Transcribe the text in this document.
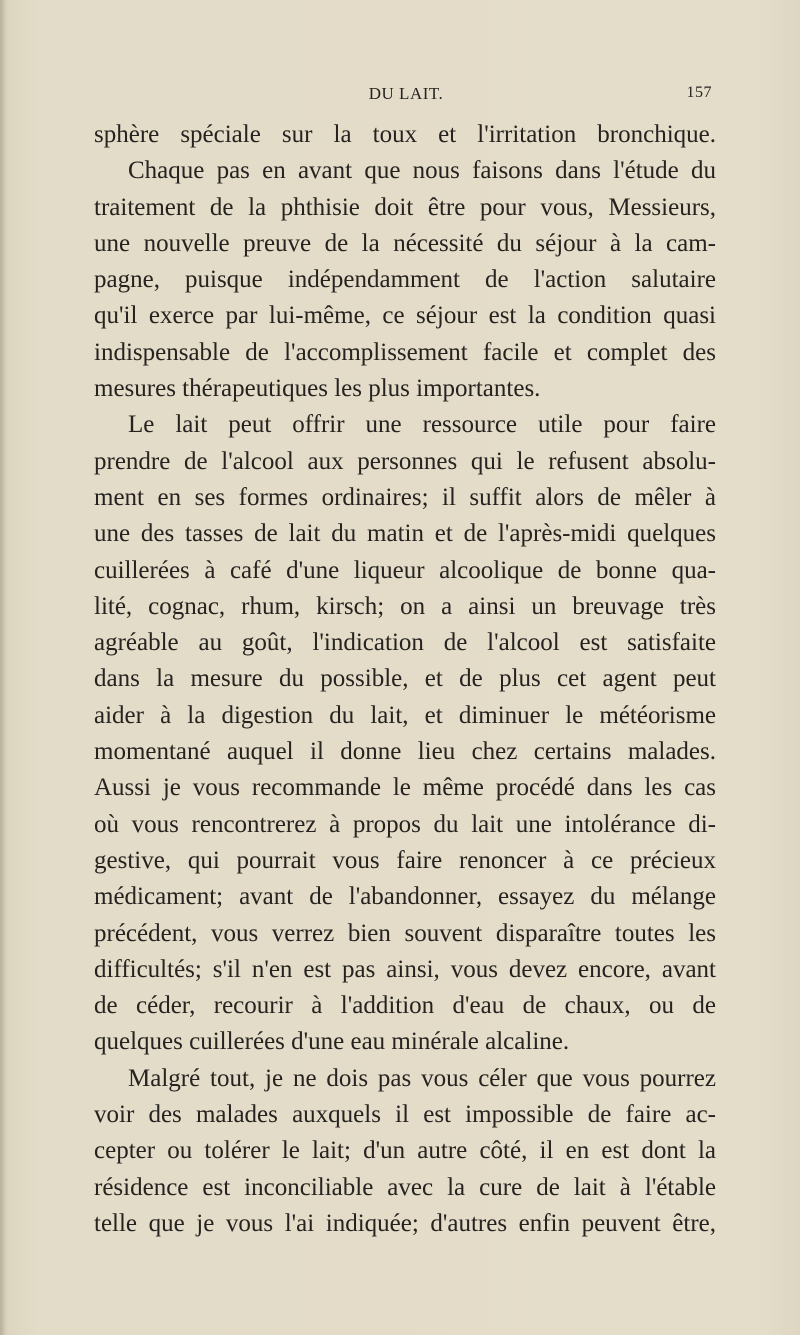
DU LAIT.	157
sphère spéciale sur la toux et l'irritation bronchique.
Chaque pas en avant que nous faisons dans l'étude du
traitement de la phthisie doit être pour vous, Messieurs,
une nouvelle preuve de la nécessité du séjour à la cam-
pagne, puisque indépendamment de l'action salutaire
qu'il exerce par lui-même, ce séjour est la condition quasi
indispensable de l'accomplissement facile et complet des
mesures thérapeutiques les plus importantes.
Le lait peut offrir une ressource utile pour faire
prendre de l'alcool aux personnes qui le refusent absolu-
ment en ses formes ordinaires; il suffit alors de mêler à
une des tasses de lait du matin et de l'après-midi quelques
cuillerées à café d'une liqueur alcoolique de bonne qua-
lité, cognac, rhum, kirsch; on a ainsi un breuvage très
agréable au goût, l'indication de l'alcool est satisfaite
dans la mesure du possible, et de plus cet agent peut
aider à la digestion du lait, et diminuer le météorisme
momentané auquel il donne lieu chez certains malades.
Aussi je vous recommande le même procédé dans les cas
où vous rencontrerez à propos du lait une intolérance di-
gestive, qui pourrait vous faire renoncer à ce précieux
médicament; avant de l'abandonner, essayez du mélange
précédent, vous verrez bien souvent disparaître toutes les
difficultés; s'il n'en est pas ainsi, vous devez encore, avant
de céder, recourir à l'addition d'eau de chaux, ou de
quelques cuillerées d'une eau minérale alcaline.
Malgré tout, je ne dois pas vous céler que vous pourrez
voir des malades auxquels il est impossible de faire ac-
cepter ou tolérer le lait; d'un autre côté, il en est dont la
résidence est inconciliable avec la cure de lait à l'étable
telle que je vous l'ai indiquée; d'autres enfin peuvent être,
